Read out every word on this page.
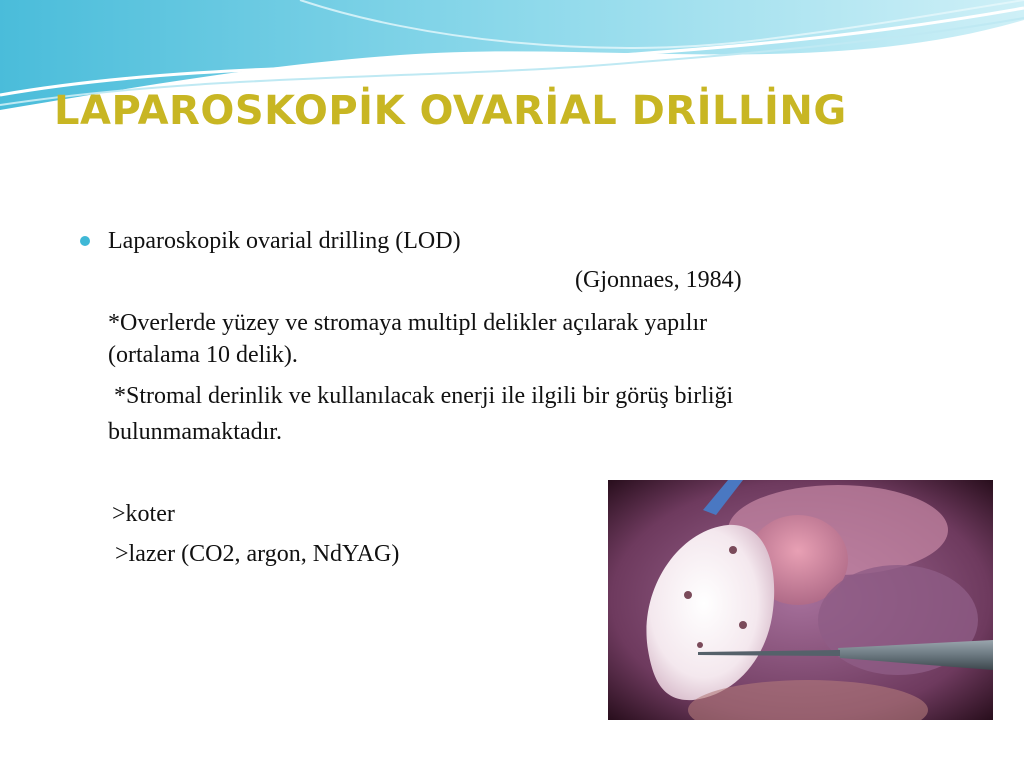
LAPAROSKOPİK OVARİAL DRİLLİNG
Laparoskopik ovarial drilling (LOD)
(Gjonnaes, 1984)
*Overlerde yüzey ve stromaya multipl delikler açılarak yapılır
(ortalama 10 delik).
*Stromal derinlik ve kullanılacak enerji ile ilgili bir görüş birliği
bulunmamaktadır.
>koter
>lazer (CO2, argon, NdYAG)
